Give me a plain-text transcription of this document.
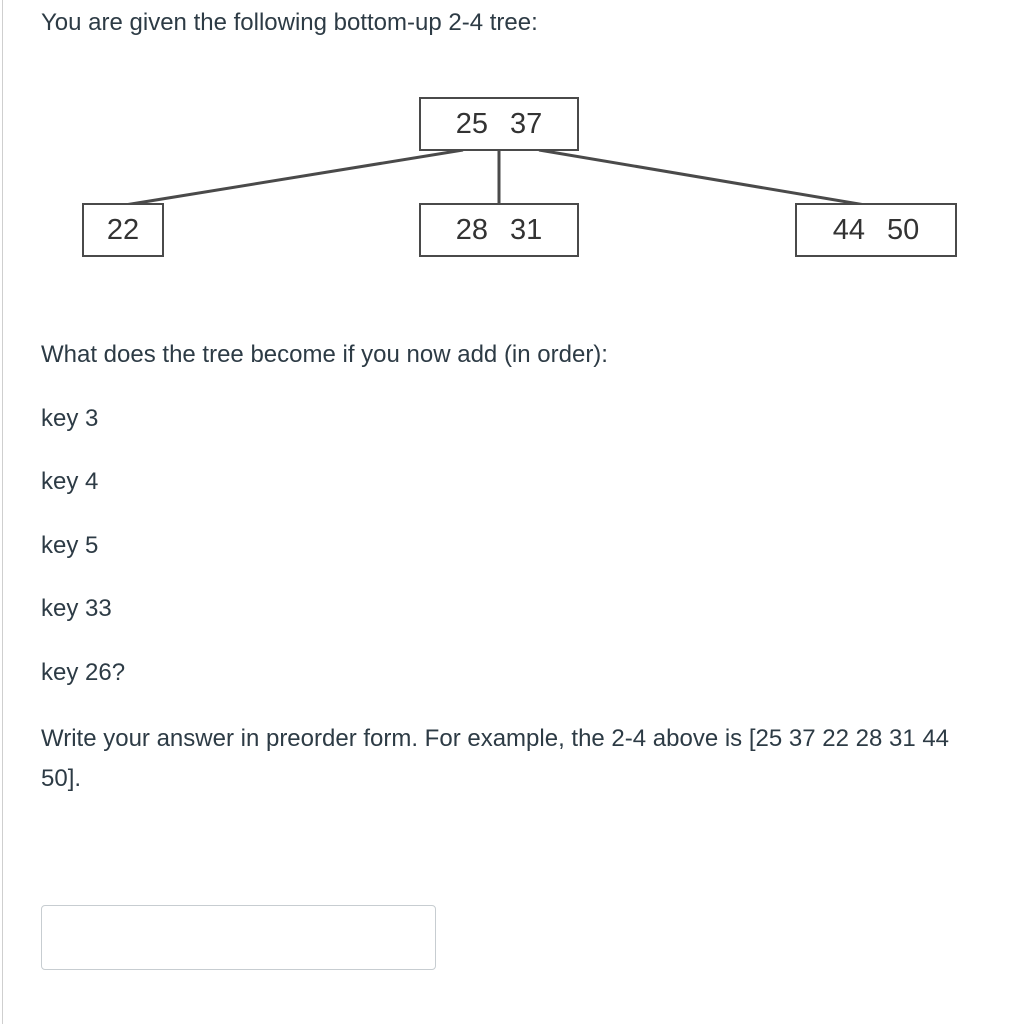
You are given the following bottom-up 2-4 tree:
25 37
22	28 31	44 50
What does the tree become if you now add (in order):
key 3
key 4
key 5
key 33
key 26?
Write your answer in preorder form. For example, the 2-4 above is [25 37 22 28 31 44 50].
